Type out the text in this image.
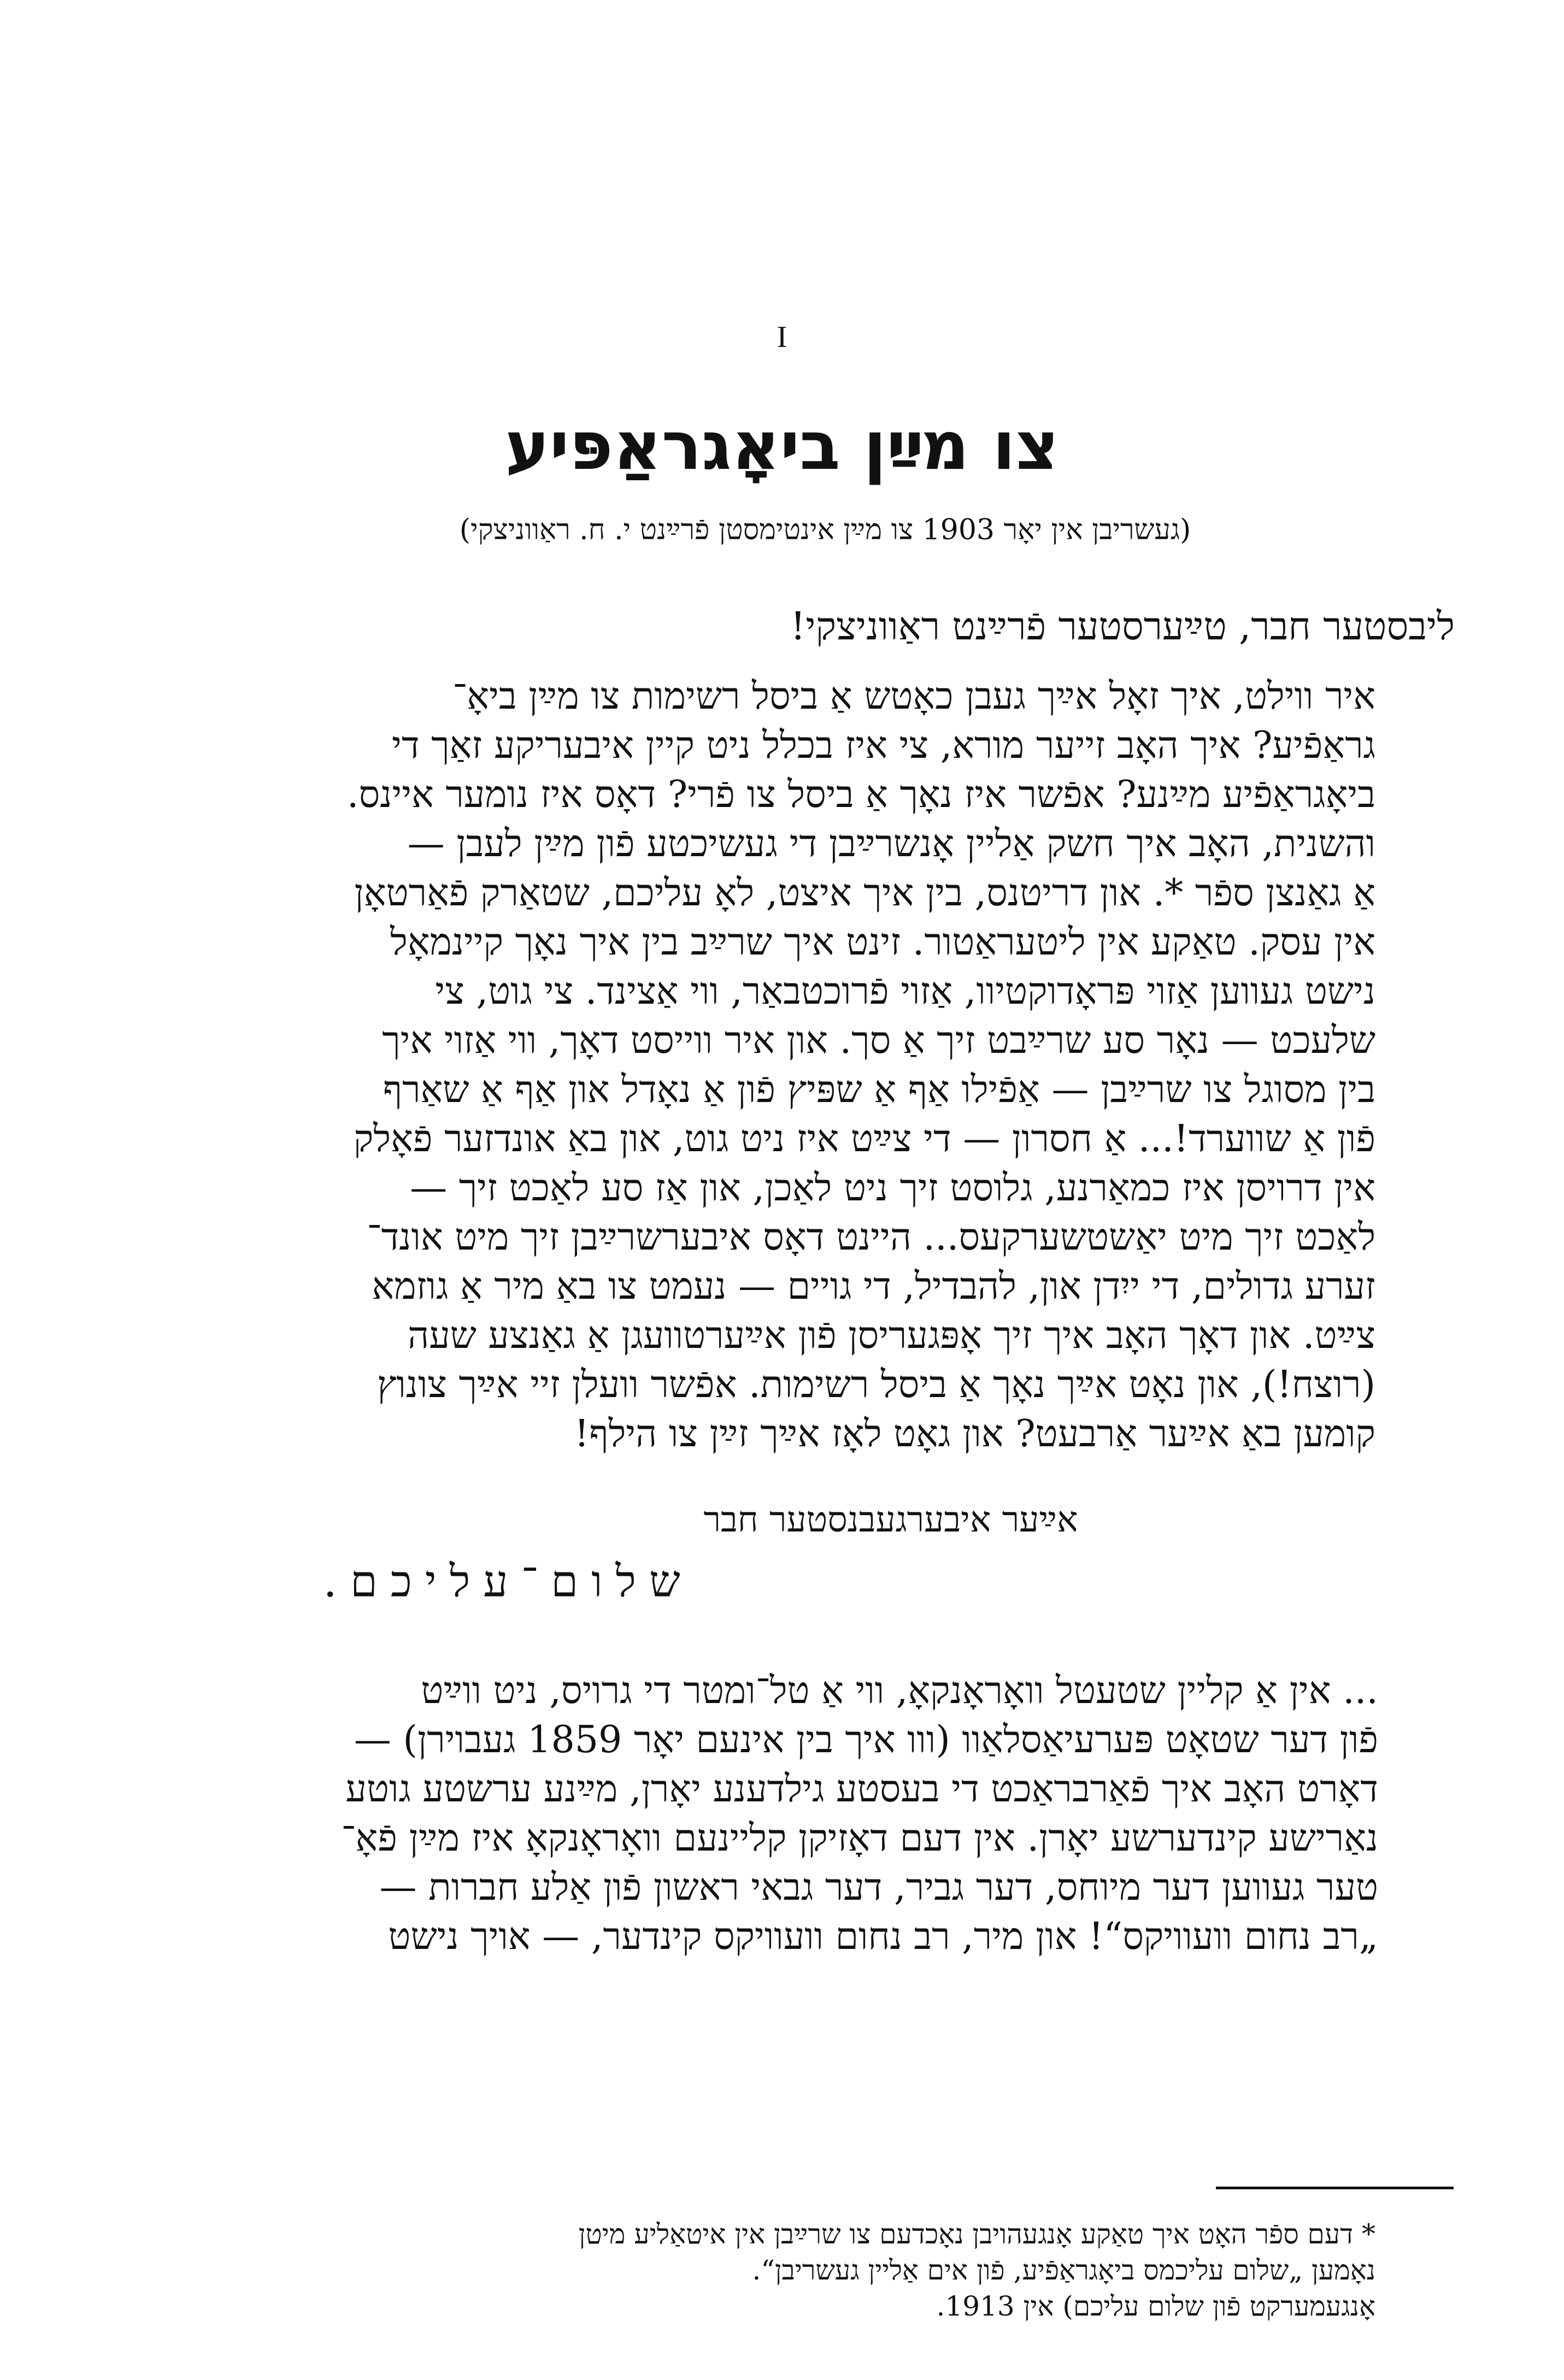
I
צו מײַן ביאָגראַפּיע
(געשריבן אין יאָר 1903 צו מײַן אינטימסטן פֿרײַנט י. ח. ראַווניצקי)
ליבסטער חבר, טײַערסטער פֿרײַנט ראַווניצקי!
איר ווילט, איך זאָל אײַך געבן כאָטש אַ ביסל רשימות צו מײַן ביאָ־
גראַפֿיע? איך האָב זייער מורא, צי איז בכלל ניט קיין איבעריקע זאַך די
ביאָגראַפֿיע מײַנע? אפֿשר איז נאָך אַ ביסל צו פֿרי? דאָס איז נומער איינס.
והשנית, האָב איך חשק אַליין אָנשרײַבן די געשיכטע פֿון מײַן לעבן —
אַ גאַנצן ספֿר *. און דריטנס, בין איך איצט, לאָ עליכם, שטאַרק פֿאַרטאָן
אין עסק. טאַקע אין ליטעראַטור. זינט איך שרײַב בין איך נאָך קיינמאָל
נישט געווען אַזוי פּראָדוקטיוו, אַזוי פֿרוכטבאַר, ווי אַצינד. צי גוט, צי
שלעכט — נאָר סע שרײַבט זיך אַ סך. און איר ווייסט דאָך, ווי אַזוי איך
בין מסוגל צו שרײַבן — אַפֿילו אַף אַ שפּיץ פֿון אַ נאָדל און אַף אַ שאַרף
פֿון אַ שווערד!... אַ חסרון — די צײַט איז ניט גוט, און באַ אונדזער פֿאָלק
אין דרויסן איז כמאַרנע, גלוסט זיך ניט לאַכן, און אַז סע לאַכט זיך —
לאַכט זיך מיט יאַשטשערקעס... היינט דאָס איבערשרײַבן זיך מיט אונד־
זערע גדולים, די ייִדן און, להבדיל, די גויים — נעמט צו באַ מיר אַ גוזמא
צײַט. און דאָך האָב איך זיך אָפּגעריסן פֿון אײַערטוועגן אַ גאַנצע שעה
(רוצח!), און נאָט אײַך נאָך אַ ביסל רשימות. אפֿשר וועלן זיי אײַך צונוץ
קומען באַ אײַער אַרבעט? און גאָט לאָז אײַך זײַן צו הילף!
אײַער איבערגעבנסטער חבר
שלום־עליכם.
... אין אַ קליין שטעטל וואָראָנקאָ, ווי אַ טל־ומטר די גרויס, ניט ווײַט
פֿון דער שטאָט פּערעיאַסלאַוו (ווו איך בין אינעם יאָר 1859 געבוירן) —
דאָרט האָב איך פֿאַרבראַכט די בעסטע גילדענע יאָרן, מײַנע ערשטע גוטע
נאַרישע קינדערשע יאָרן. אין דעם דאָזיקן קליינעם וואָראָנקאָ איז מײַן פֿאָ־
טער געווען דער מיוחס, דער גביר, דער גבאי ראשון פֿון אַלע חברות —
„רב נחום וועוויקס“! און מיר, רב נחום וועוויקס קינדער, — אויך נישט
* דעם ספֿר האָט איך טאַקע אָנגעהויבן נאָכדעם צו שרײַבן אין איטאַליע מיטן
נאָמען „שלום עליכמס ביאָגראַפֿיע, פֿון אים אַליין געשריבן“.
אָנגעמערקט פֿון שלום עליכם) אין 1913.
